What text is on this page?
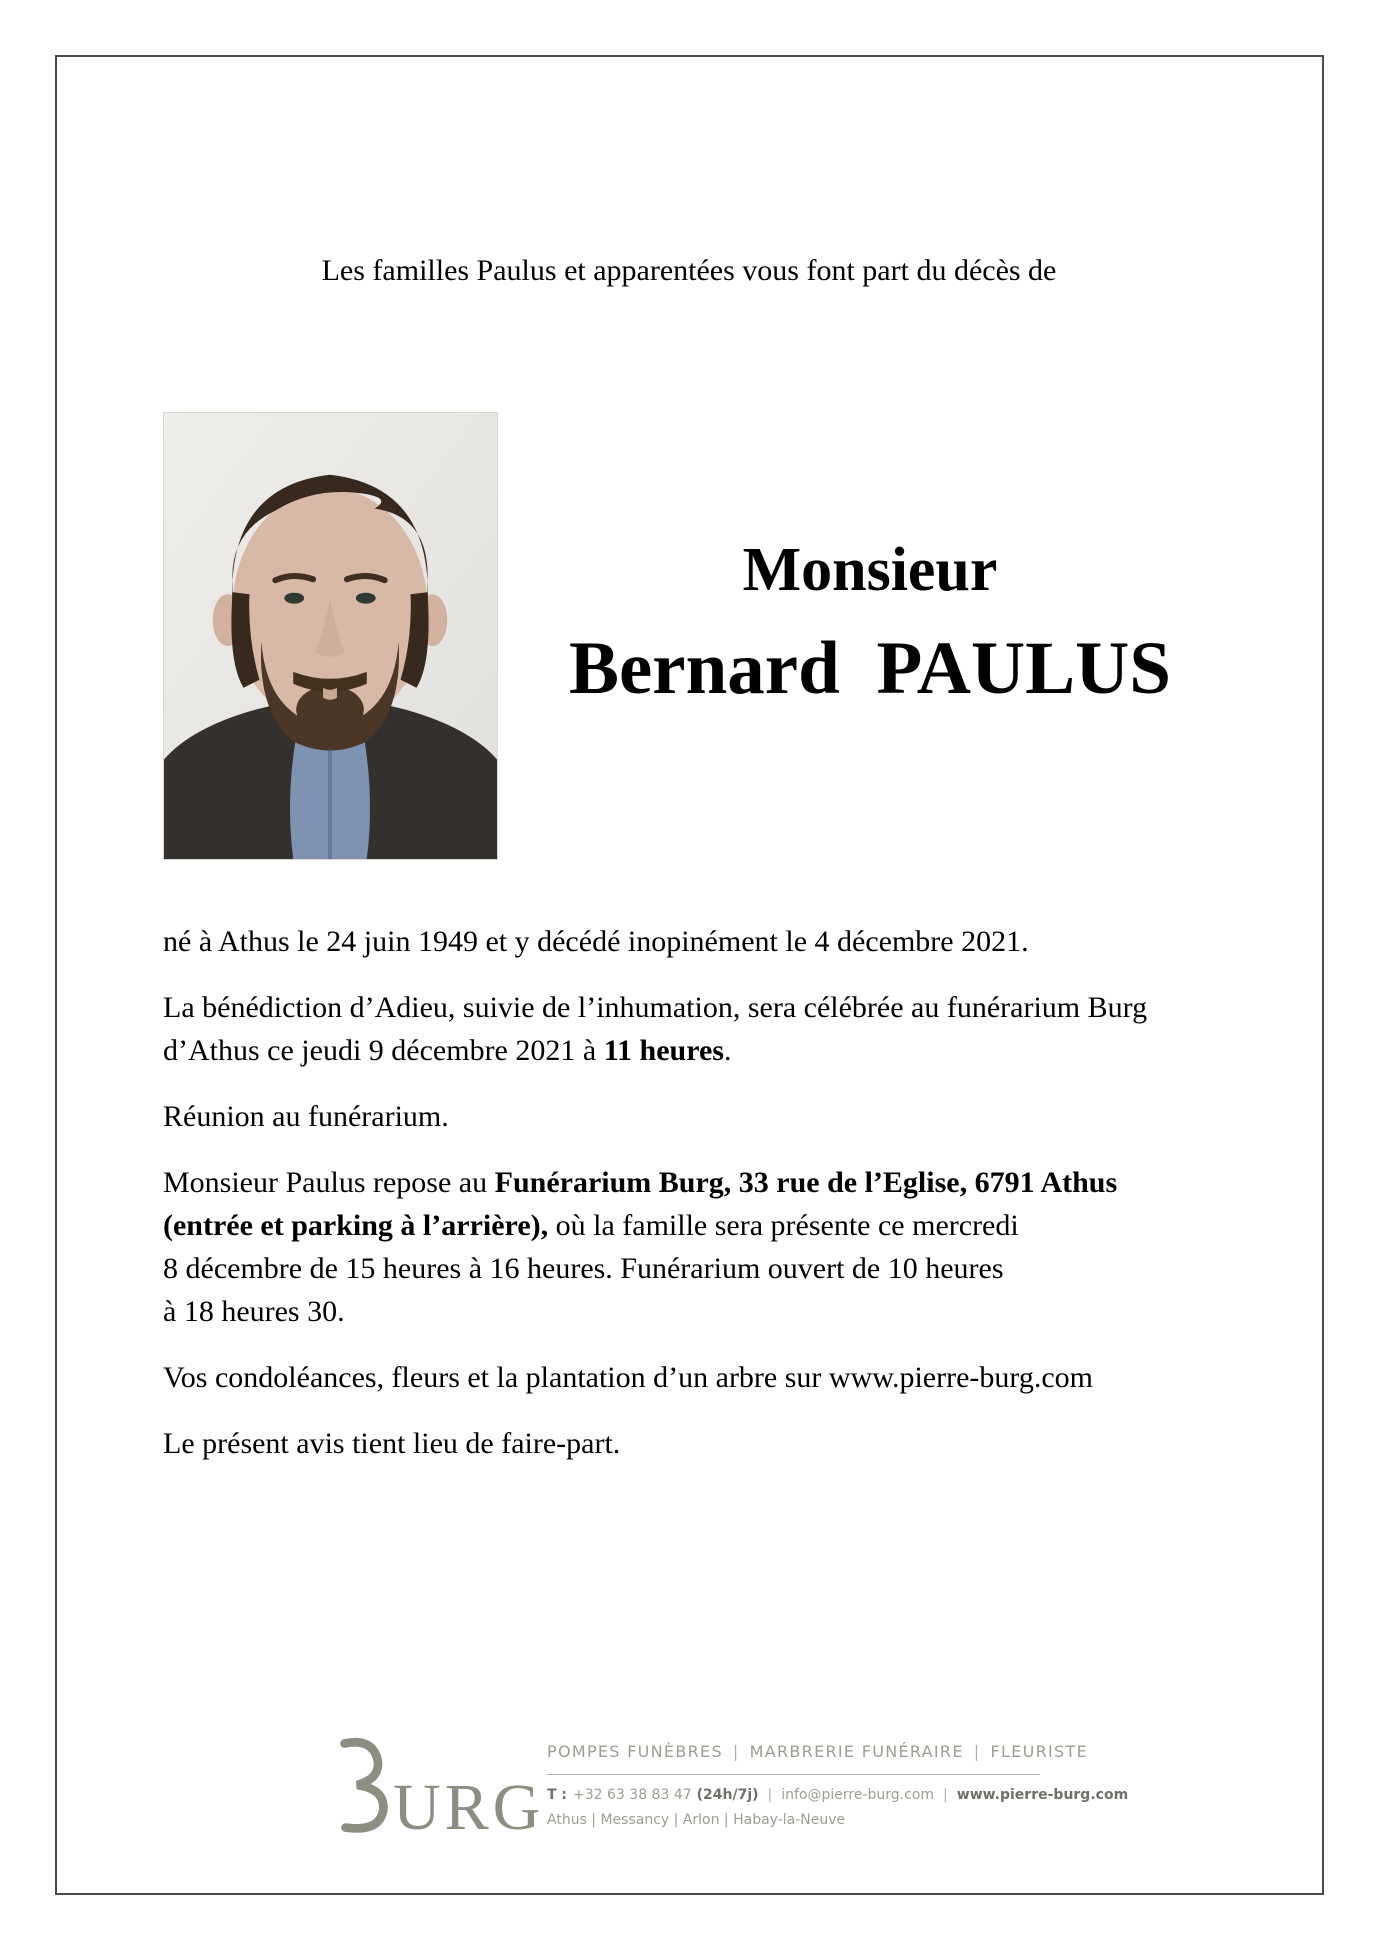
Les familles Paulus et apparentées vous font part du décès de
Monsieur
Bernard PAULUS

né à Athus le 24 juin 1949 et y décédé inopinément le 4 décembre 2021.

La bénédiction d’Adieu, suivie de l’inhumation, sera célébrée au funérarium Burg
d’Athus ce jeudi 9 décembre 2021 à 11 heures.

Réunion au funérarium.

Monsieur Paulus repose au Funérarium Burg, 33 rue de l’Eglise, 6791 Athus
(entrée et parking à l’arrière), où la famille sera présente ce mercredi
8 décembre de 15 heures à 16 heures. Funérarium ouvert de 10 heures
à 18 heures 30.

Vos condoléances, fleurs et la plantation d’un arbre sur www.pierre-burg.com

Le présent avis tient lieu de faire-part.

URG
POMPES FUNÈBRES | MARBRERIE FUNÉRAIRE | FLEURISTE
T : +32 63 38 83 47 (24h/7j) | info@pierre-burg.com | www.pierre-burg.com
Athus | Messancy | Arlon | Habay-la-Neuve
